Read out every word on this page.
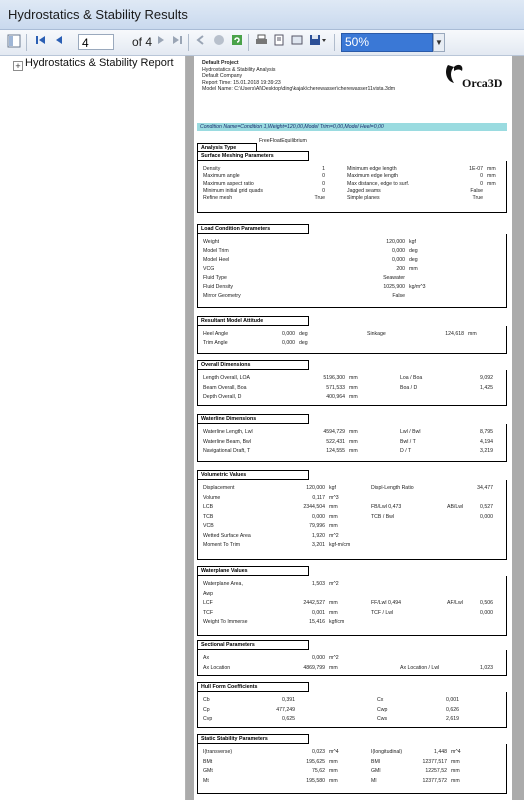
Hydrostatics & Stability Results
4	of 4	50%	▼
+ Hydrostatics & Stability Report	Default Project
Hydrostatics & Stability Analysis
Default Company
Report Time: 15.01.2018 19:39:23
Model Name: C:\Users\Al\Desktop\ding\kajak\cherewasser\cherewasser11vista.3dm	Orca3D
Condition Name=Condition 1,Weight=120,00,Model Trim=0,00,Model Heel=0,00
Analysis Type
FreeFloatEquilibrium
Surface Meshing Parameters
Density	1	Minimum edge length	1E-07 mm
Maximum angle	0	Maximum edge length	0 mm
Maximum aspect ratio	0	Max distance, edge to surf.	0 mm
Minimum initial grid quads	0	Jagged seams	False
Refine mesh	True	Simple planes	True
Load Condition Parameters
Weight	120,000 kgf
Model Trim	0,000 deg
Model Heel	0,000 deg
VCG	200 mm
Fluid Type	Seawater
Fluid Density	1025,900 kg/m^3
Mirror Geometry	False
Resultant Model Attitude
Heel Angle	0,000 deg	Sinkage	124,618 mm
Trim Angle	0,000 deg
Overall Dimensions
Length Overall, LOA	5196,300 mm	Loa / Boa	9,092
Beam Overall, Boa	571,533 mm	Boa / D	1,425
Depth Overall, D	400,964 mm
Waterline Dimensions
Waterline Length, Lwl	4594,729 mm	Lwl / Bwl	8,795
Waterline Beam, Bwl	522,431 mm	Bwl / T	4,194
Navigational Draft, T	124,555 mm	D / T	3,219
Volumetric Values
Displacement	120,000 kgf	Displ-Length Ratio	34,477
Volume	0,117 m^3
LCB	2344,504 mm	FB/Lwl 0,473	AB/Lwl	0,527
TCB	0,000 mm	TCB / Bwl	0,000
VCB	79,996 mm
Wetted Surface Area	1,920 m^2
Moment To Trim	3,201 kgf-m/cm
Waterplane Values
Waterplane Area,	1,503 m^2
Awp
LCF	2442,527 mm	FF/Lwl 0,494	AF/Lwl	0,506
TCF	0,001 mm	TCF / Lwl	0,000
Weight To Immerse	15,416 kgf/cm
Sectional Parameters
Ax	0,000 m^2
Ax Location	4869,799 mm	Ax Location / Lwl	1,023
Hull Form Coefficients
Cb	0,391	Cx	0,001
Cp	477,249	Cwp	0,626
Cvp	0,625	Cws	2,619
Static Stability Parameters
I(transverse)	0,023 m^4	I(longitudinal)	1,448 m^4
BMt	195,625 mm	BMl	12377,517 mm
GMt	75,62 mm	GMl	12257,52 mm
Mt	195,580 mm	Ml	12377,572 mm
